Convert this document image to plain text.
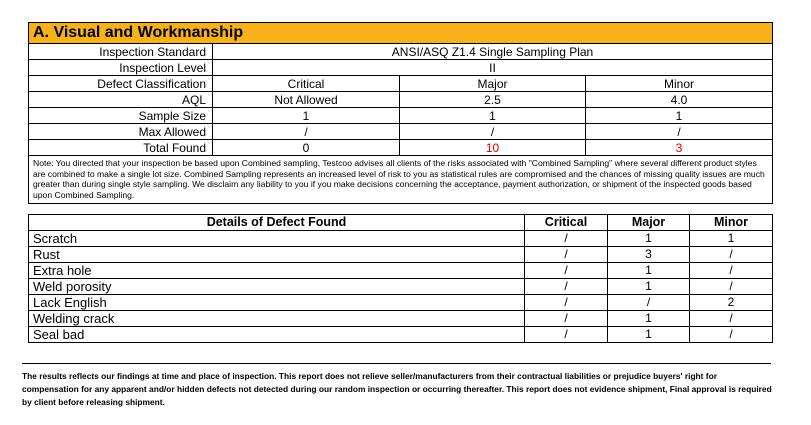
A. Visual and Workmanship			
Inspection Standard	ANSI/ASQ Z1.4 Single Sampling Plan		
Inspection Level	II		
Defect Classification	Critical	Major	Minor
AQL	Not Allowed	2.5	4.0
Sample Size	1	1	1
Max Allowed	/	/	/
Total Found	0	10	3
Note: You directed that your inspection be based upon Combined sampling, Testcoo advises all clients of the risks associated with "Combined Sampling" where several different product styles are combined to make a single lot size. Combined Sampling represents an increased level of risk to you as statistical rules are compromised and the chances of missing quality issues are much greater than during single style sampling. We disclaim any liability to you if you make decisions concerning the acceptance, payment authorization, or shipment of the inspected goods based upon Combined Sampling.			
Details of Defect Found	Critical	Major	Minor
Scratch	/	1	1
Rust	/	3	/
Extra hole	/	1	/
Weld porosity	/	1	/
Lack English	/	/	2
Welding crack	/	1	/
Seal bad	/	1	/
The results reflects our findings at time and place of inspection. This report does not relieve seller/manufacturers from their contractual liabilities or prejudice buyers' right for compensation for any apparent and/or hidden defects not detected during our random inspection or occurring thereafter. This report does not evidence shipment, Final approval is required by client before releasing shipment.
